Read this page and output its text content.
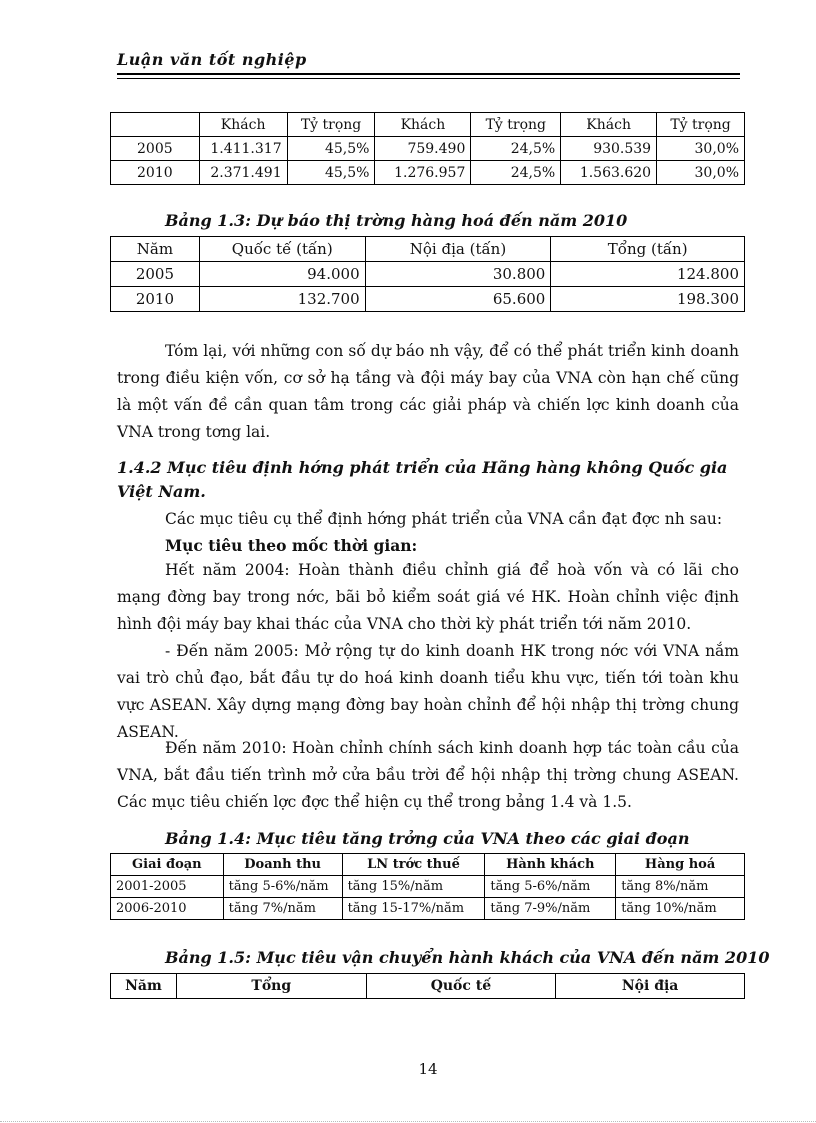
Luận văn tốt nghiệp
	Khách	Tỷ trọng	Khách	Tỷ trọng	Khách	Tỷ trọng
2005	1.411.317	45,5%	759.490	24,5%	930.539	30,0%
2010	2.371.491	45,5%	1.276.957	24,5%	1.563.620	30,0%
Bảng 1.3: Dự báo thị trờng hàng hoá đến năm 2010
Năm	Quốc tế (tấn)	Nội địa (tấn)	Tổng (tấn)
2005	94.000	30.800	124.800
2010	132.700	65.600	198.300
Tóm lại, với những con số dự báo nh vậy, để có thể phát triển kinh doanh trong điều kiện vốn, cơ sở hạ tầng và đội máy bay của VNA còn hạn chế cũng là một vấn đề cần quan tâm trong các giải pháp và chiến lợc kinh doanh của VNA trong tơng lai.
1.4.2 Mục tiêu định hớng phát triển của Hãng hàng không Quốc gia Việt Nam.
Các mục tiêu cụ thể định hớng phát triển của VNA cần đạt đợc nh sau:
Mục tiêu theo mốc thời gian:
Hết năm 2004: Hoàn thành điều chỉnh giá để hoà vốn và có lãi cho mạng đờng bay trong nớc, bãi bỏ kiểm soát giá vé HK. Hoàn chỉnh việc định hình đội máy bay khai thác của VNA cho thời kỳ phát triển tới năm 2010.
- Đến năm 2005: Mở rộng tự do kinh doanh HK trong nớc với VNA nắm vai trò chủ đạo, bắt đầu tự do hoá kinh doanh tiểu khu vực, tiến tới toàn khu vực ASEAN. Xây dựng mạng đờng bay hoàn chỉnh để hội nhập thị trờng chung ASEAN.
Đến năm 2010: Hoàn chỉnh chính sách kinh doanh hợp tác toàn cầu của VNA, bắt đầu tiến trình mở cửa bầu trời để hội nhập thị trờng chung ASEAN. Các mục tiêu chiến lợc đợc thể hiện cụ thể trong bảng 1.4 và 1.5.
Bảng 1.4: Mục tiêu tăng trởng của VNA theo các giai đoạn
Giai đoạn	Doanh thu	LN trớc thuế	Hành khách	Hàng hoá
2001-2005	tăng 5-6%/năm	tăng 15%/năm	tăng 5-6%/năm	tăng 8%/năm
2006-2010	tăng 7%/năm	tăng 15-17%/năm	tăng 7-9%/năm	tăng 10%/năm
Bảng 1.5: Mục tiêu vận chuyển hành khách của VNA đến năm 2010
Năm	Tổng	Quốc tế	Nội địa
14
